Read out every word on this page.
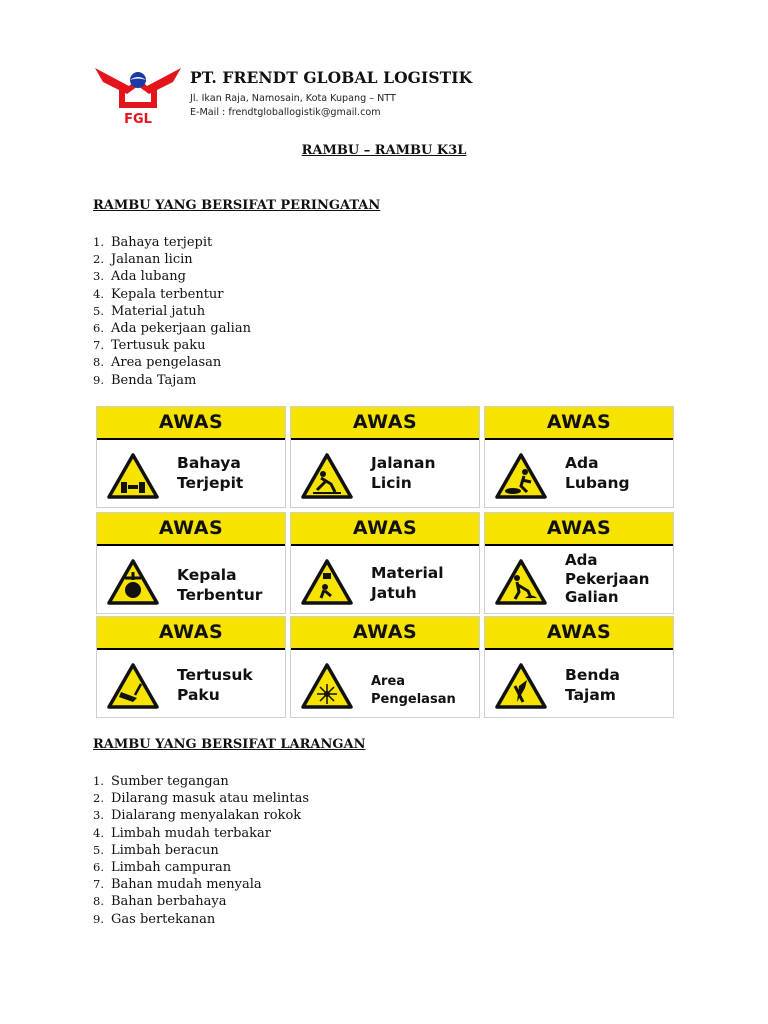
FGL
PT. FRENDT GLOBAL LOGISTIK
Jl. Ikan Raja, Namosain, Kota Kupang – NTT
E-Mail : frendtgloballogistik@gmail.com
RAMBU – RAMBU K3L
RAMBU YANG BERSIFAT PERINGATAN
1. Bahaya terjepit
2. Jalanan licin
3. Ada lubang
4. Kepala terbentur
5. Material jatuh
6. Ada pekerjaan galian
7. Tertusuk paku
8. Area pengelasan
9. Benda Tajam
AWAS
Bahaya
Terjepit
AWAS
Jalanan
Licin
AWAS
Ada
Lubang
AWAS
Kepala
Terbentur
AWAS
Material
Jatuh
AWAS
Ada
Pekerjaan
Galian
AWAS
Tertusuk
Paku
AWAS
Area
Pengelasan
AWAS
Benda
Tajam
RAMBU YANG BERSIFAT LARANGAN
1. Sumber tegangan
2. Dilarang masuk atau melintas
3. Dialarang menyalakan rokok
4. Limbah mudah terbakar
5. Limbah beracun
6. Limbah campuran
7. Bahan mudah menyala
8. Bahan berbahaya
9. Gas bertekanan
